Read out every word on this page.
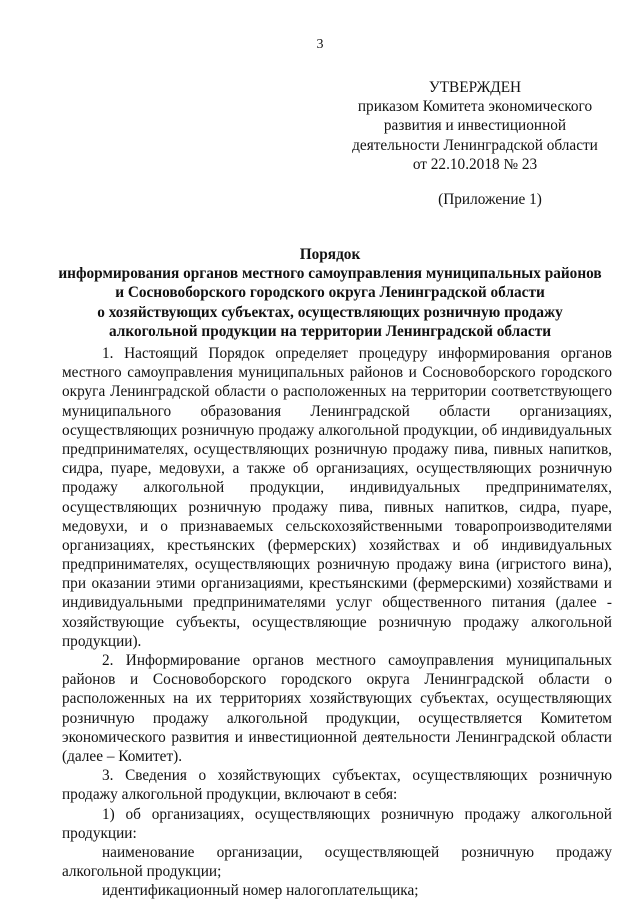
3
УТВЕРЖДЕН
приказом Комитета экономического
развития и инвестиционной
деятельности Ленинградской области
от 22.10.2018 № 23
(Приложение 1)
Порядок
информирования органов местного самоуправления муниципальных районов
и Сосновоборского городского округа Ленинградской области
о хозяйствующих субъектах, осуществляющих розничную продажу
алкогольной продукции на территории Ленинградской области
1. Настоящий Порядок определяет процедуру информирования органов
местного самоуправления муниципальных районов и Сосновоборского городского
округа Ленинградской области о расположенных на территории соответствующего
муниципального образования Ленинградской области организациях,
осуществляющих розничную продажу алкогольной продукции, об индивидуальных
предпринимателях, осуществляющих розничную продажу пива, пивных напитков,
сидра, пуаре, медовухи, а также об организациях, осуществляющих розничную
продажу алкогольной продукции, индивидуальных предпринимателях,
осуществляющих розничную продажу пива, пивных напитков, сидра, пуаре,
медовухи, и о признаваемых сельскохозяйственными товаропроизводителями
организациях, крестьянских (фермерских) хозяйствах и об индивидуальных
предпринимателях, осуществляющих розничную продажу вина (игристого вина),
при оказании этими организациями, крестьянскими (фермерскими) хозяйствами и
индивидуальными предпринимателями услуг общественного питания (далее -
хозяйствующие субъекты, осуществляющие розничную продажу алкогольной
продукции).
2. Информирование органов местного самоуправления муниципальных
районов и Сосновоборского городского округа Ленинградской области о
расположенных на их территориях хозяйствующих субъектах, осуществляющих
розничную продажу алкогольной продукции, осуществляется Комитетом
экономического развития и инвестиционной деятельности Ленинградской области
(далее – Комитет).
3. Сведения о хозяйствующих субъектах, осуществляющих розничную
продажу алкогольной продукции, включают в себя:
1) об организациях, осуществляющих розничную продажу алкогольной
продукции:
наименование организации, осуществляющей розничную продажу
алкогольной продукции;
идентификационный номер налогоплательщика;
